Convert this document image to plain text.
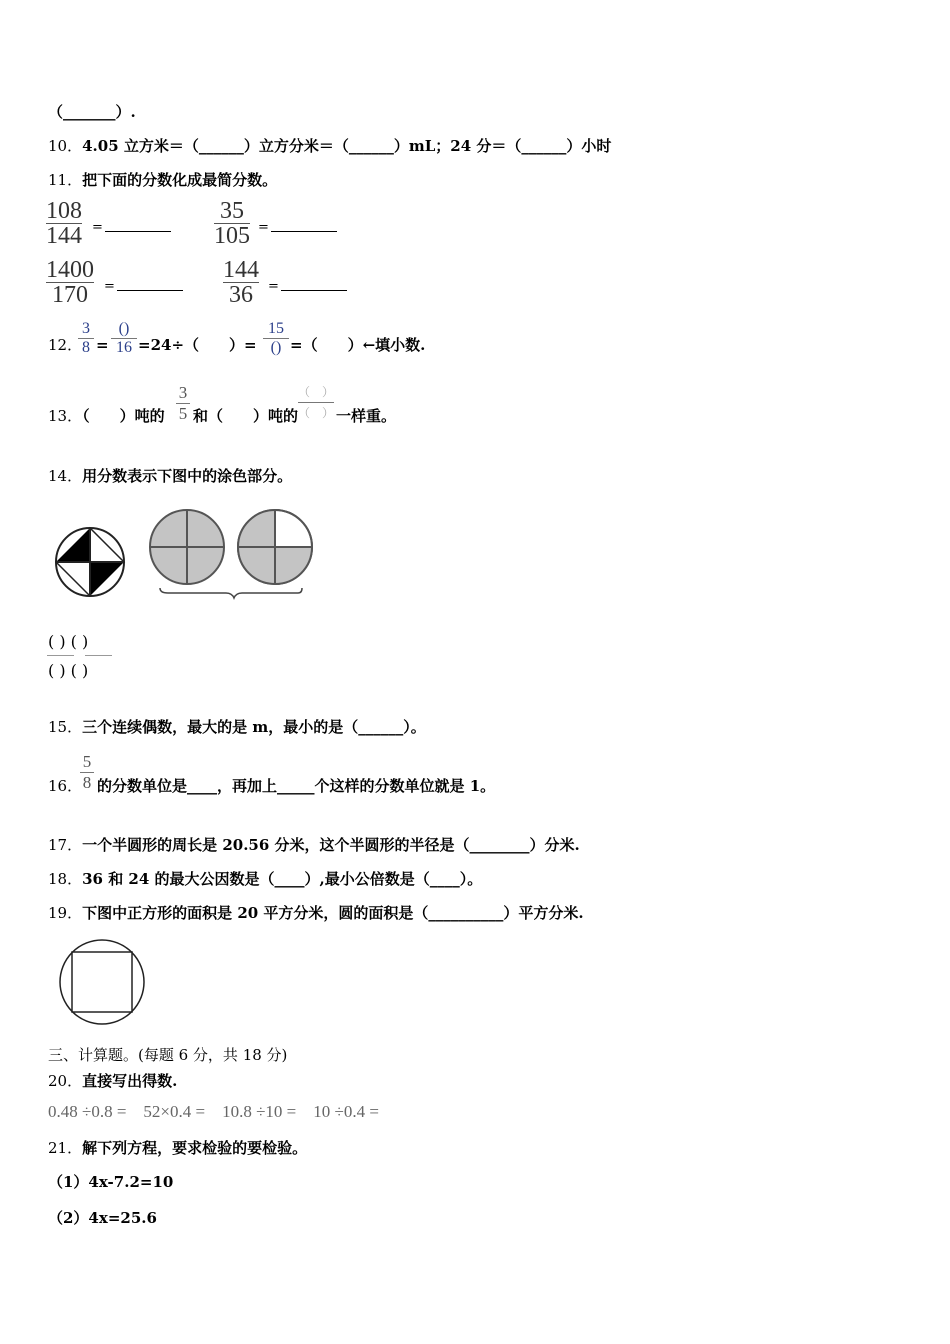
（_______）.
10．4.05 立方米＝（______）立方分米＝（______）mL；24 分＝（______）小时
11．把下面的分数化成最简分数。
108
144 =
35
105 =
1400
170	=
144
36	=
12．
3
8 =
()
16 =24÷（　　）=
15
() =（　　）←填小数.
13．（　　）吨的
3
5 和（　　）吨的
（　）
（　） 一样重。
14．用分数表示下图中的涂色部分。
( ) ( )
( ) ( )
15．三个连续偶数，最大的是 m，最小的是（______）。
16．
5
8 的分数单位是____，再加上_____个这样的分数单位就是 1。
17．一个半圆形的周长是 20.56 分米，这个半圆形的半径是（________）分米.
18．36 和 24 的最大公因数是（____）,最小公倍数是（____）。
19．下图中正方形的面积是 20 平方分米，圆的面积是（__________）平方分米.
三、计算题。(每题 6 分，共 18 分)
20．直接写出得数.
0.48 ÷0.8 =    52×0.4 =    10.8 ÷10 =    10 ÷0.4 =
21．解下列方程，要求检验的要检验。
（1）4x-7.2=10
（2）4x=25.6
